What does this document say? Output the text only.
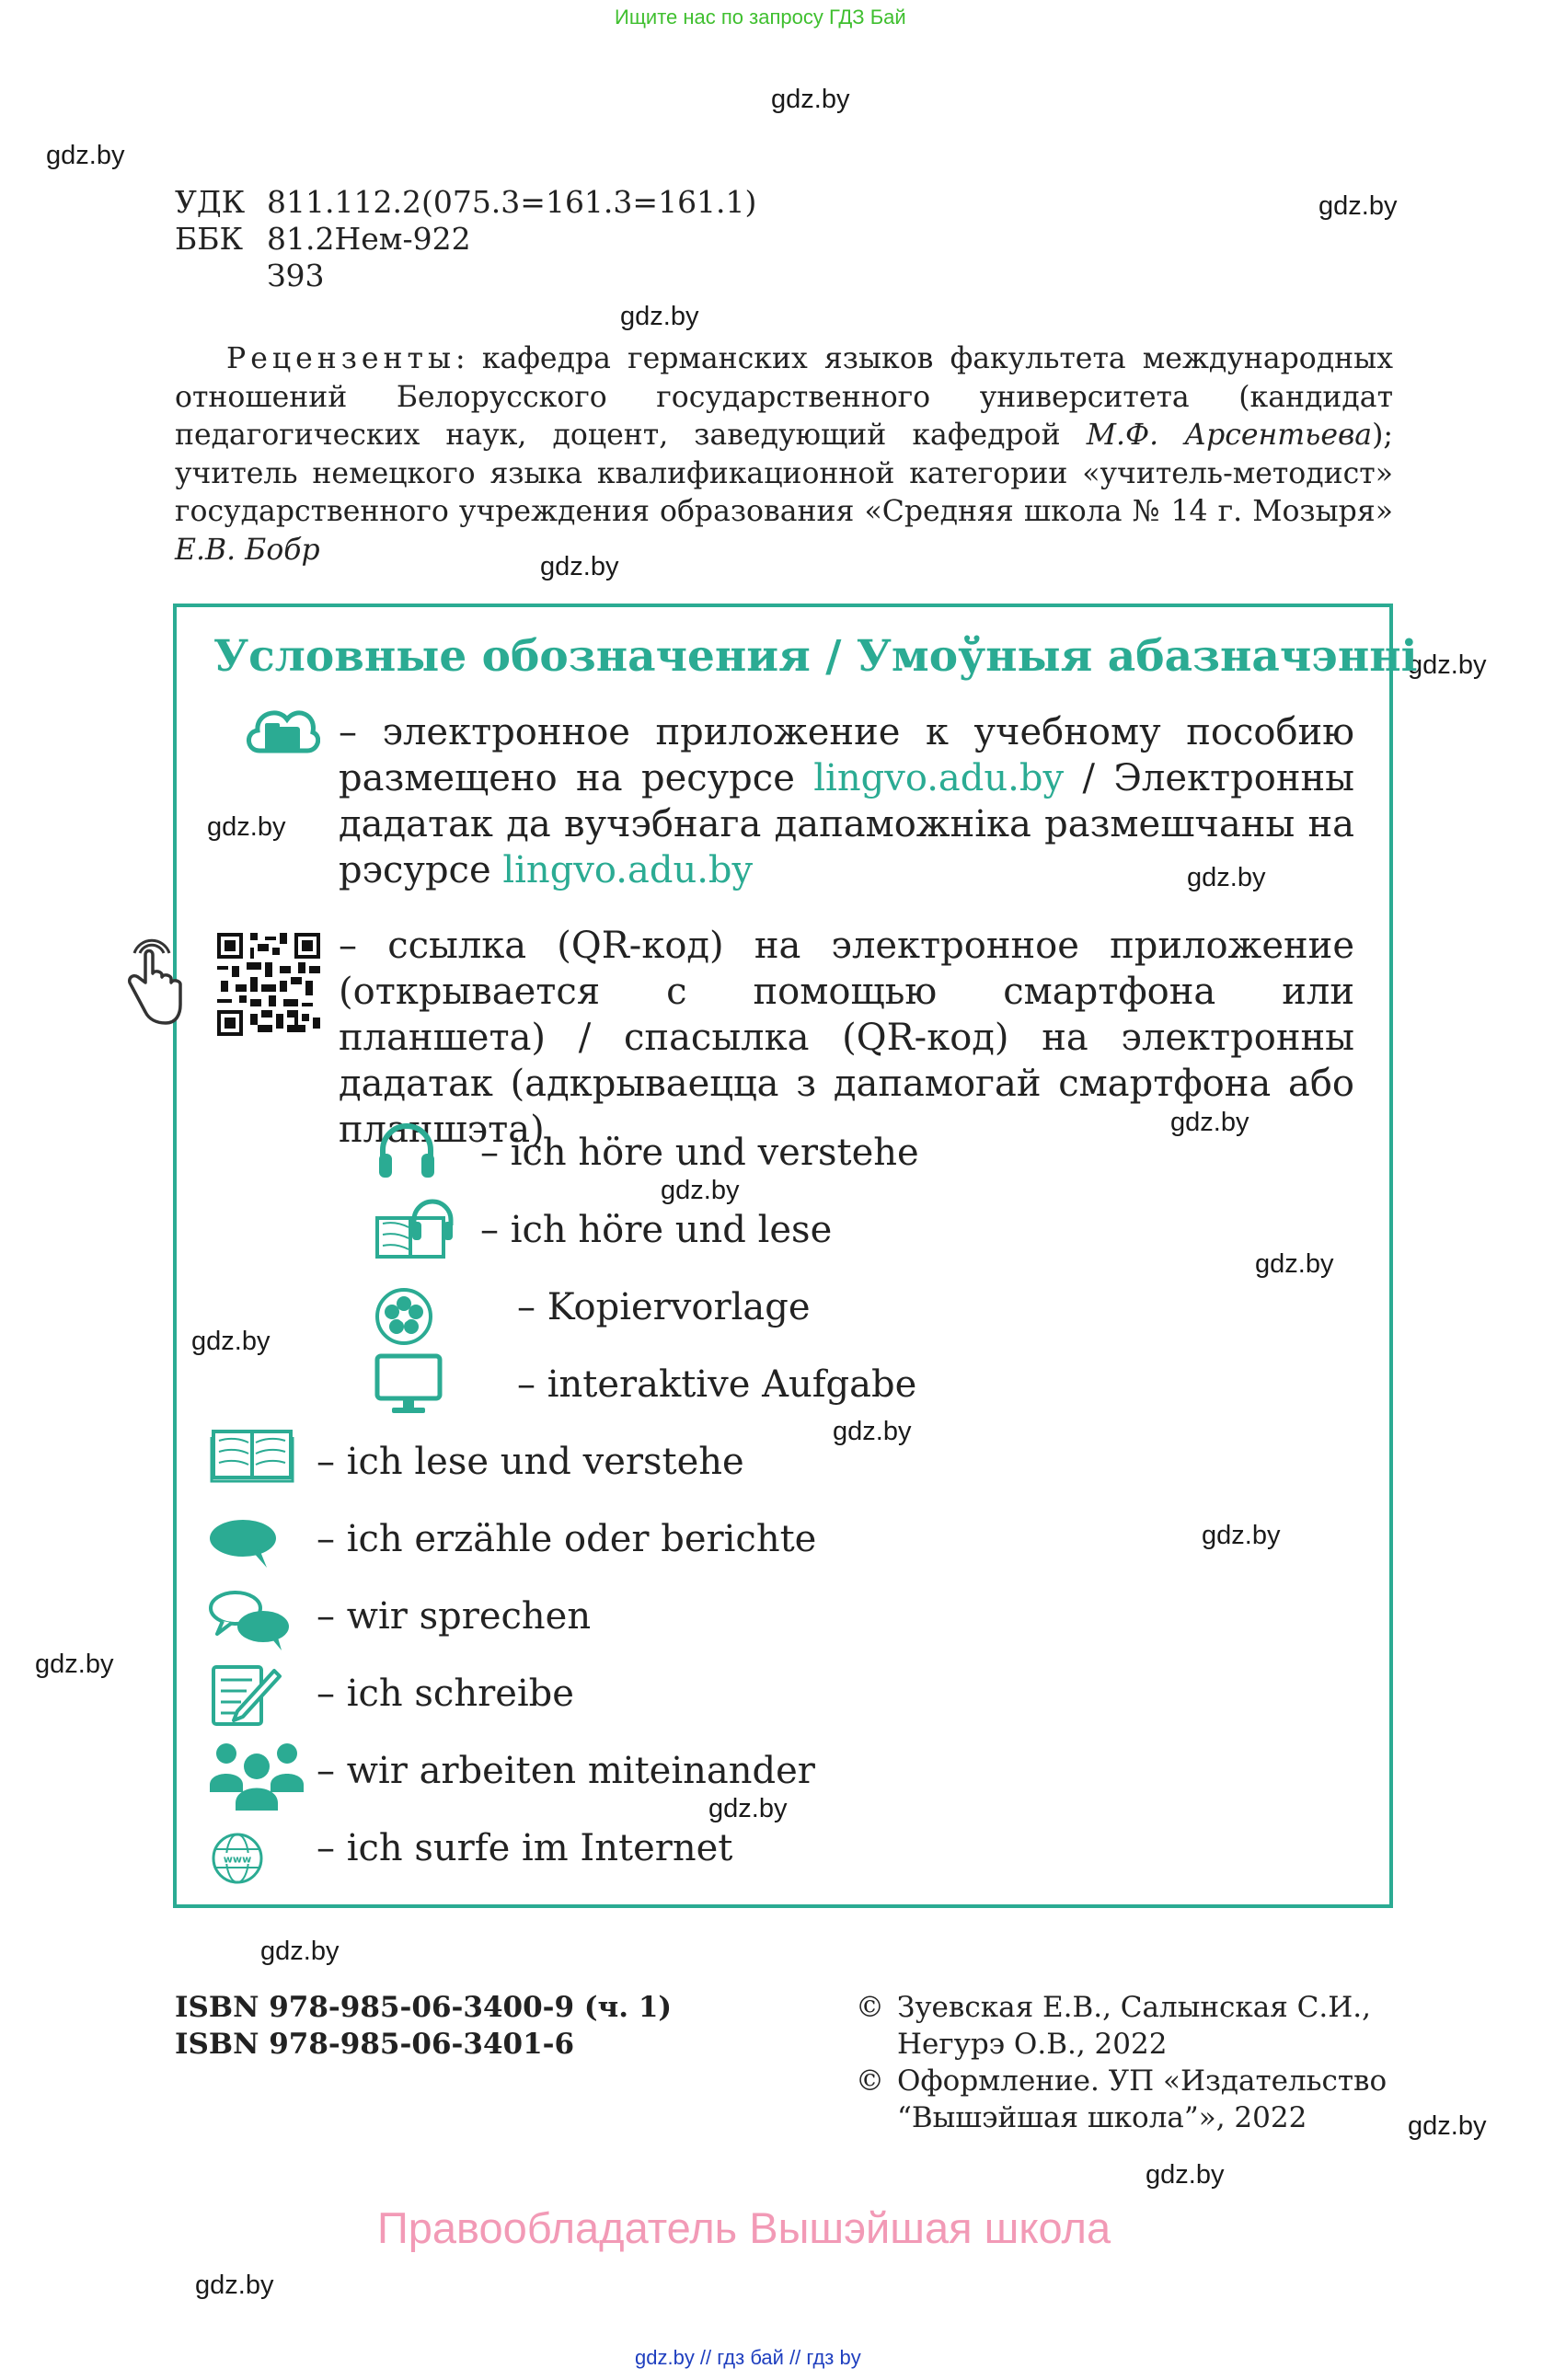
Ищите нас по запросу ГДЗ Бай
gdz.by
gdz.by
gdz.by
gdz.by
gdz.by
gdz.by
gdz.by
gdz.by
gdz.by
gdz.by
gdz.by
gdz.by
gdz.by
gdz.by
gdz.by
gdz.by
gdz.by
gdz.by
gdz.by
gdz.by
УДК 811.112.2(075.3=161.3=161.1)
ББК 81.2Нем-922
З93
Рецензенты: кафедра германских языков факультета международных отношений Белорусского государственного университета (кандидат педагогических наук, доцент, заведующий кафедрой М.Ф. Арсентьева); учитель немецкого языка квалификационной категории «учитель-методист» государственного учреждения образования «Средняя школа № 14 г. Мозыря» Е.В. Бобр
Условные обозначения / Умоўныя абазначэнні
– электронное приложение к учебному пособию размещено на ресурсе lingvo.adu.by / Электронны дадатак да вучэбнага дапаможніка размешчаны на рэсурсе lingvo.adu.by
– ссылка (QR-код) на электронное приложение (открывается с помощью смартфона или планшета) / спасылка (QR-код) на электронны дадатак (адкрываецца з дапамогай смартфона або планшэта)
– ich höre und verstehe
– ich höre und lese
– Kopiervorlage
– interaktive Aufgabe
– ich lese und verstehe
– ich erzähle oder berichte
– wir sprechen
– ich schreibe
– wir arbeiten miteinander
www – ich surfe im Internet
ISBN 978-985-06-3400-9 (ч. 1)
ISBN 978-985-06-3401-6
© Зуевская Е.В., Салынская С.И.,
Негурэ О.В., 2022
© Оформление. УП «Издательство
“Вышэйшая школа”», 2022
Правообладатель Вышэйшая школа
gdz.by // гдз бай // гдз by
